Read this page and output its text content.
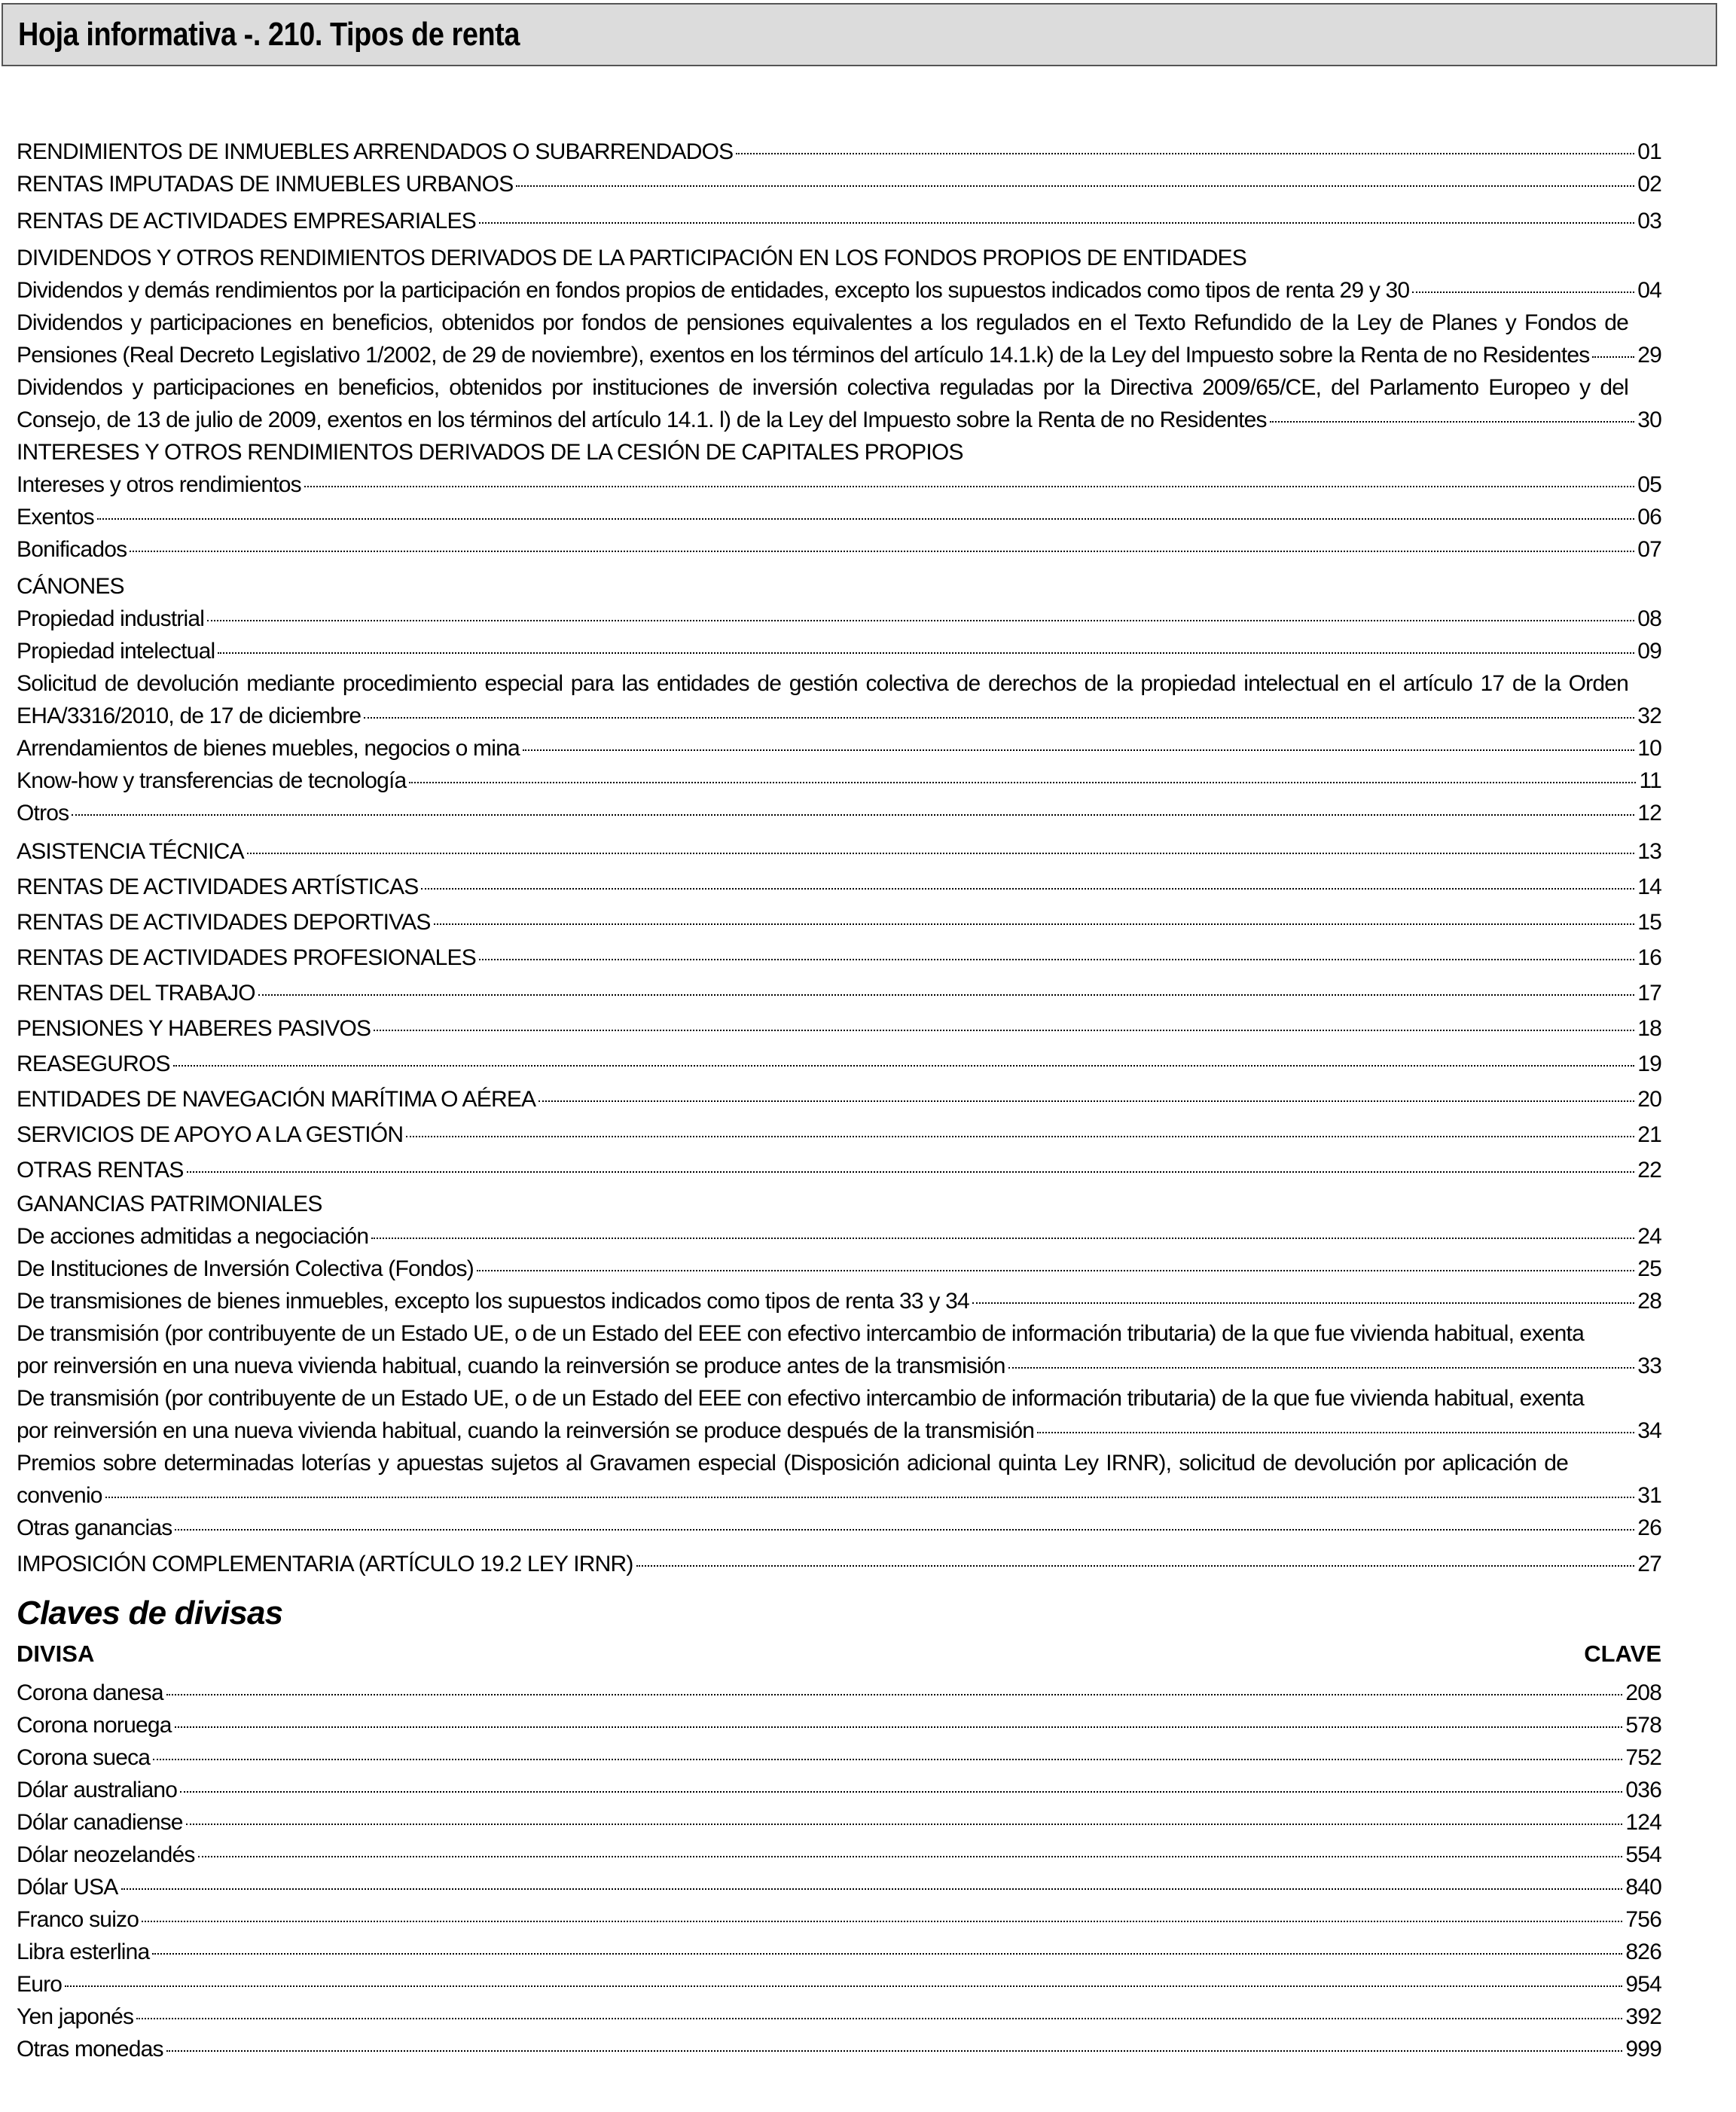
Hoja informativa -. 210. Tipos de renta
RENDIMIENTOS DE INMUEBLES ARRENDADOS O SUBARRENDADOS	01
RENTAS IMPUTADAS DE INMUEBLES URBANOS	02
RENTAS DE ACTIVIDADES EMPRESARIALES	03
DIVIDENDOS Y OTROS RENDIMIENTOS DERIVADOS DE LA PARTICIPACIÓN EN LOS FONDOS PROPIOS DE ENTIDADES
Dividendos y demás rendimientos por la participación en fondos propios de entidades, excepto los supuestos indicados como tipos de renta 29 y 30	04
Dividendos y participaciones en beneficios, obtenidos por fondos de pensiones equivalentes a los regulados en el Texto Refundido de la Ley de Planes y Fondos de
Pensiones (Real Decreto Legislativo 1/2002, de 29 de noviembre), exentos en los términos del artículo 14.1.k) de la Ley del Impuesto sobre la Renta de no Residentes 29
Dividendos y participaciones en beneficios, obtenidos por instituciones de inversión colectiva reguladas por la Directiva 2009/65/CE, del Parlamento Europeo y del
Consejo, de 13 de julio de 2009, exentos en los términos del artículo 14.1. l) de la Ley del Impuesto sobre la Renta de no Residentes	30
INTERESES Y OTROS RENDIMIENTOS DERIVADOS DE LA CESIÓN DE CAPITALES PROPIOS
Intereses y otros rendimientos	05
Exentos	06
Bonificados	07
CÁNONES
Propiedad industrial	08
Propiedad intelectual	09
Solicitud de devolución mediante procedimiento especial para las entidades de gestión colectiva de derechos de la propiedad intelectual en el artículo 17 de la Orden
EHA/3316/2010, de 17 de diciembre	32
Arrendamientos de bienes muebles, negocios o mina	10
Know-how y transferencias de tecnología	11
Otros	12
ASISTENCIA TÉCNICA	13
RENTAS DE ACTIVIDADES ARTÍSTICAS	14
RENTAS DE ACTIVIDADES DEPORTIVAS	15
RENTAS DE ACTIVIDADES PROFESIONALES	16
RENTAS DEL TRABAJO	17
PENSIONES Y HABERES PASIVOS	18
REASEGUROS	19
ENTIDADES DE NAVEGACIÓN MARÍTIMA O AÉREA	20
SERVICIOS DE APOYO A LA GESTIÓN	21
OTRAS RENTAS	22
GANANCIAS PATRIMONIALES
De acciones admitidas a negociación	24
De Instituciones de Inversión Colectiva (Fondos)	25
De transmisiones de bienes inmuebles, excepto los supuestos indicados como tipos de renta 33 y 34	28
De transmisión (por contribuyente de un Estado UE, o de un Estado del EEE con efectivo intercambio de información tributaria) de la que fue vivienda habitual, exenta
por reinversión en una nueva vivienda habitual, cuando la reinversión se produce antes de la transmisión	33
De transmisión (por contribuyente de un Estado UE, o de un Estado del EEE con efectivo intercambio de información tributaria) de la que fue vivienda habitual, exenta
por reinversión en una nueva vivienda habitual, cuando la reinversión se produce después de la transmisión	34
Premios sobre determinadas loterías y apuestas sujetos al Gravamen especial (Disposición adicional quinta Ley IRNR), solicitud de devolución por aplicación de
convenio	31
Otras ganancias	26
IMPOSICIÓN COMPLEMENTARIA (ARTÍCULO 19.2 LEY IRNR)	27
Claves de divisas
DIVISA	CLAVE
Corona danesa	208
Corona noruega	578
Corona sueca	752
Dólar australiano	036
Dólar canadiense	124
Dólar neozelandés	554
Dólar USA	840
Franco suizo	756
Libra esterlina	826
Euro	954
Yen japonés	392
Otras monedas	999
